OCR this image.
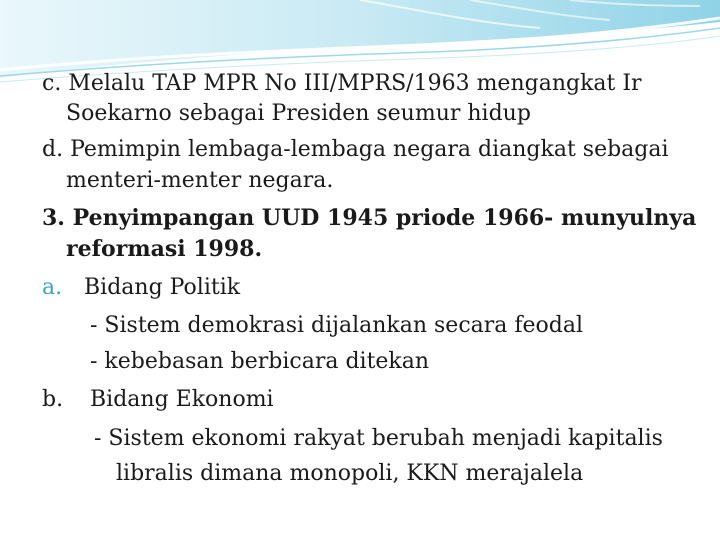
c. Melalu TAP MPR No III/MPRS/1963 mengangkat Ir
Soekarno sebagai Presiden seumur hidup
d. Pemimpin lembaga-lembaga negara diangkat sebagai
menteri-menter negara.
3. Penyimpangan UUD 1945 priode 1966- munyulnya
reformasi 1998.
a. Bidang Politik
- Sistem demokrasi dijalankan secara feodal
- kebebasan berbicara ditekan
b. Bidang Ekonomi
- Sistem ekonomi rakyat berubah menjadi kapitalis
libralis dimana monopoli, KKN merajalela
